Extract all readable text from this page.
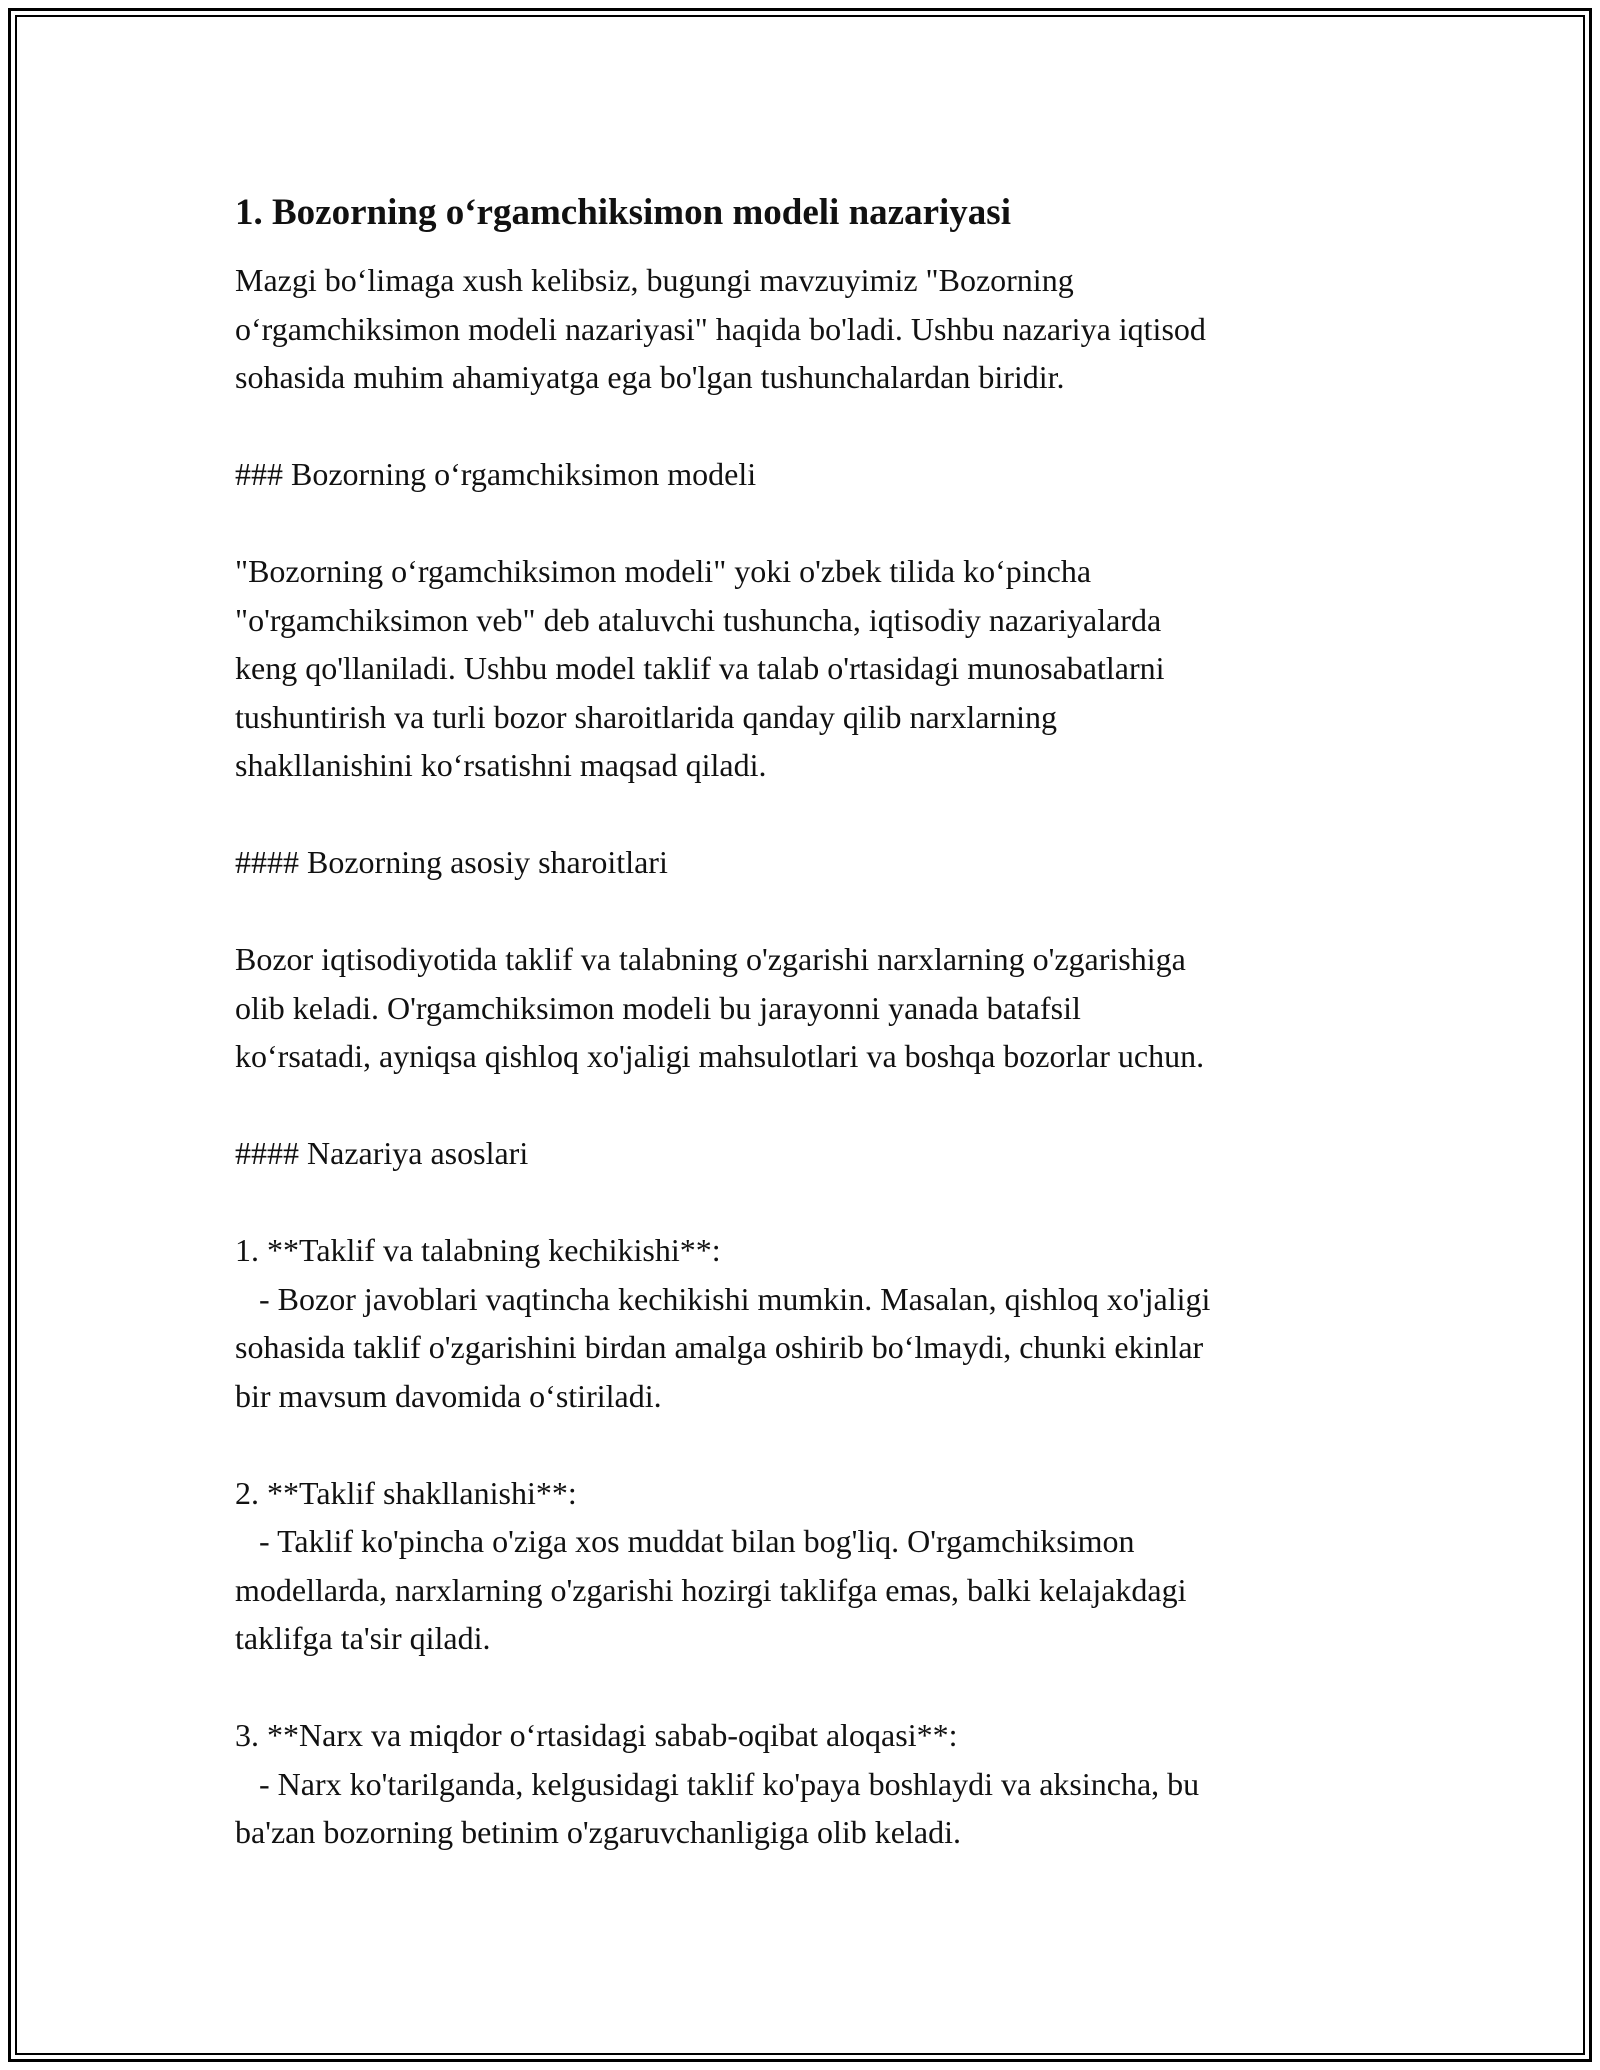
1. Bozorning o‘rgamchiksimon modeli nazariyasi
Mazgi bo‘limaga xush kelibsiz, bugungi mavzuyimiz "Bozorning
o‘rgamchiksimon modeli nazariyasi" haqida bo'ladi. Ushbu nazariya iqtisod
sohasida muhim ahamiyatga ega bo'lgan tushunchalardan biridir.
### Bozorning o‘rgamchiksimon modeli
"Bozorning o‘rgamchiksimon modeli" yoki o'zbek tilida ko‘pincha
"o'rgamchiksimon veb" deb ataluvchi tushuncha, iqtisodiy nazariyalarda
keng qo'llaniladi. Ushbu model taklif va talab o'rtasidagi munosabatlarni
tushuntirish va turli bozor sharoitlarida qanday qilib narxlarning
shakllanishini ko‘rsatishni maqsad qiladi.
#### Bozorning asosiy sharoitlari
Bozor iqtisodiyotida taklif va talabning o'zgarishi narxlarning o'zgarishiga
olib keladi. O'rgamchiksimon modeli bu jarayonni yanada batafsil
ko‘rsatadi, ayniqsa qishloq xo'jaligi mahsulotlari va boshqa bozorlar uchun.
#### Nazariya asoslari
1. **Taklif va talabning kechikishi**:
- Bozor javoblari vaqtincha kechikishi mumkin. Masalan, qishloq xo'jaligi
sohasida taklif o'zgarishini birdan amalga oshirib bo‘lmaydi, chunki ekinlar
bir mavsum davomida o‘stiriladi.
2. **Taklif shakllanishi**:
- Taklif ko'pincha o'ziga xos muddat bilan bog'liq. O'rgamchiksimon
modellarda, narxlarning o'zgarishi hozirgi taklifga emas, balki kelajakdagi
taklifga ta'sir qiladi.
3. **Narx va miqdor o‘rtasidagi sabab-oqibat aloqasi**:
- Narx ko'tarilganda, kelgusidagi taklif ko'paya boshlaydi va aksincha, bu
ba'zan bozorning betinim o'zgaruvchanligiga olib keladi.
